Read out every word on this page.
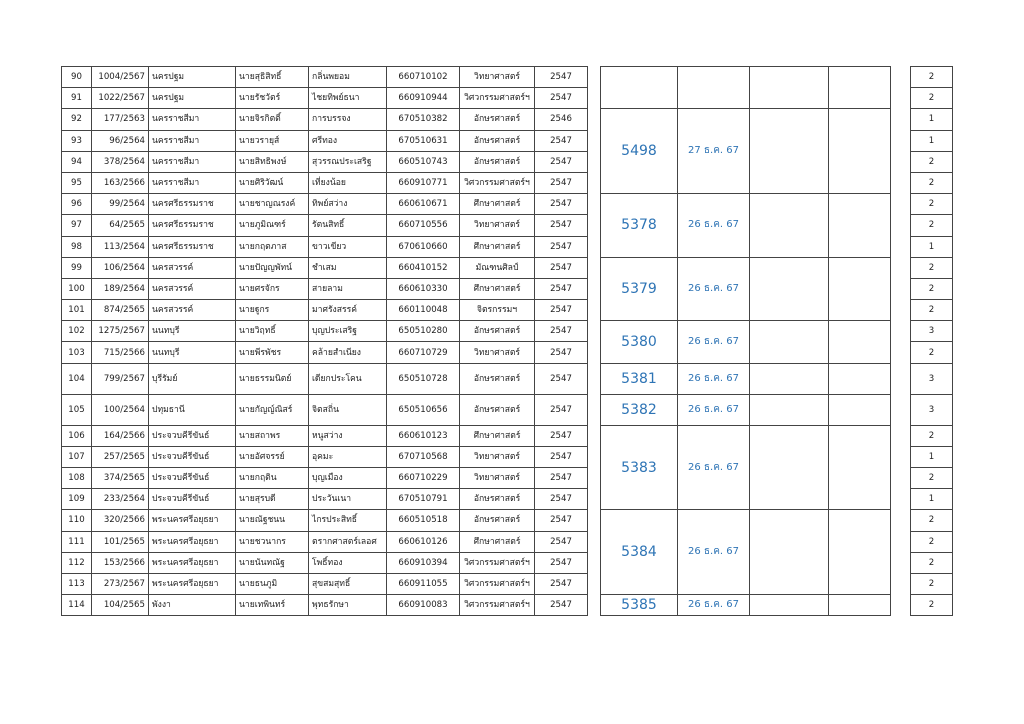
90	1004/2567	นครปฐม	นายสุธิสิทธิ์	กลิ่นพยอม	660710102	วิทยาศาสตร์	2547							2
91	1022/2567	นครปฐม	นายรัชวัตร์	ไชยทิพย์ธนา	660910944	วิศวกรรมศาสตร์ฯ	2547							2
92	177/2563	นครราชสีมา	นายจิรกิตติ์	การบรรจง	670510382	อักษรศาสตร์	2546		5498	27 ธ.ค. 67				1
93	96/2564	นครราชสีมา	นายวรายุส์	ศรีทอง	670510631	อักษรศาสตร์	2547							1
94	378/2564	นครราชสีมา	นายสิทธิพงษ์	สุวรรณประเสริฐ	660510743	อักษรศาสตร์	2547							2
95	163/2566	นครราชสีมา	นายศิริวัฒน์	เที่ยงน้อย	660910771	วิศวกรรมศาสตร์ฯ	2547							2
96	99/2564	นครศรีธรรมราช	นายชาญณรงค์	ทิพย์สว่าง	660610671	ศึกษาศาสตร์	2547		5378	26 ธ.ค. 67				2
97	64/2565	นครศรีธรรมราช	นายภูมิณฑร์	รัตนสิทธิ์	660710556	วิทยาศาสตร์	2547							2
98	113/2564	นครศรีธรรมราช	นายกฤตภาส	ขาวเขียว	670610660	ศึกษาศาสตร์	2547							1
99	106/2564	นครสวรรค์	นายปัญญพัทน์	ชำเสม	660410152	มัณฑนศิลป์	2547		5379	26 ธ.ค. 67				2
100	189/2564	นครสวรรค์	นายศรจักร	สายลาม	660610330	ศึกษาศาสตร์	2547							2
101	874/2565	นครสวรรค์	นายฐูกร	มาศรังสรรค์	660110048	จิตรกรรมฯ	2547							2
102	1275/2567	นนทบุรี	นายวิฤทธิ์	บุญประเสริฐ	650510280	อักษรศาสตร์	2547		5380	26 ธ.ค. 67				3
103	715/2566	นนทบุรี	นายพีรพัชร	คล้ายสำเนียง	660710729	วิทยาศาสตร์	2547							2
104	799/2567	บุรีรัมย์	นายธรรมนิตย์	เดียกประโคน	650510728	อักษรศาสตร์	2547		5381	26 ธ.ค. 67				3
105	100/2564	ปทุมธานี	นายกัญญ์ณิสร์	จิตสถิ่น	650510656	อักษรศาสตร์	2547		5382	26 ธ.ค. 67				3
106	164/2566	ประจวบคีรีขันธ์	นายสถาพร	หนูสว่าง	660610123	ศึกษาศาสตร์	2547		5383	26 ธ.ค. 67				2
107	257/2565	ประจวบคีรีขันธ์	นายอัศจรรย์	อุคมะ	670710568	วิทยาศาสตร์	2547							1
108	374/2565	ประจวบคีรีขันธ์	นายกฤติน	บุญเมือง	660710229	วิทยาศาสตร์	2547							2
109	233/2564	ประจวบคีรีขันธ์	นายสุรบดี	ประวันเนา	670510791	อักษรศาสตร์	2547							1
110	320/2566	พระนครศรีอยุธยา	นายณัฐชนน	ไกรประสิทธิ์	660510518	อักษรศาสตร์	2547		5384	26 ธ.ค. 67				2
111	101/2565	พระนครศรีอยุธยา	นายชวนากร	ตรากศาสตร์เลอศ	660610126	ศึกษาศาสตร์	2547							2
112	153/2566	พระนครศรีอยุธยา	นายนันทณัฐ	โพธิ์ทอง	660910394	วิศวกรรมศาสตร์ฯ	2547							2
113	273/2567	พระนครศรีอยุธยา	นายธนภูมิ	สุขสมสุทธิ์	660911055	วิศวกรรมศาสตร์ฯ	2547							2
114	104/2565	พังงา	นายเทพินทร์	พุทธรักษา	660910083	วิศวกรรมศาสตร์ฯ	2547		5385	26 ธ.ค. 67				2
